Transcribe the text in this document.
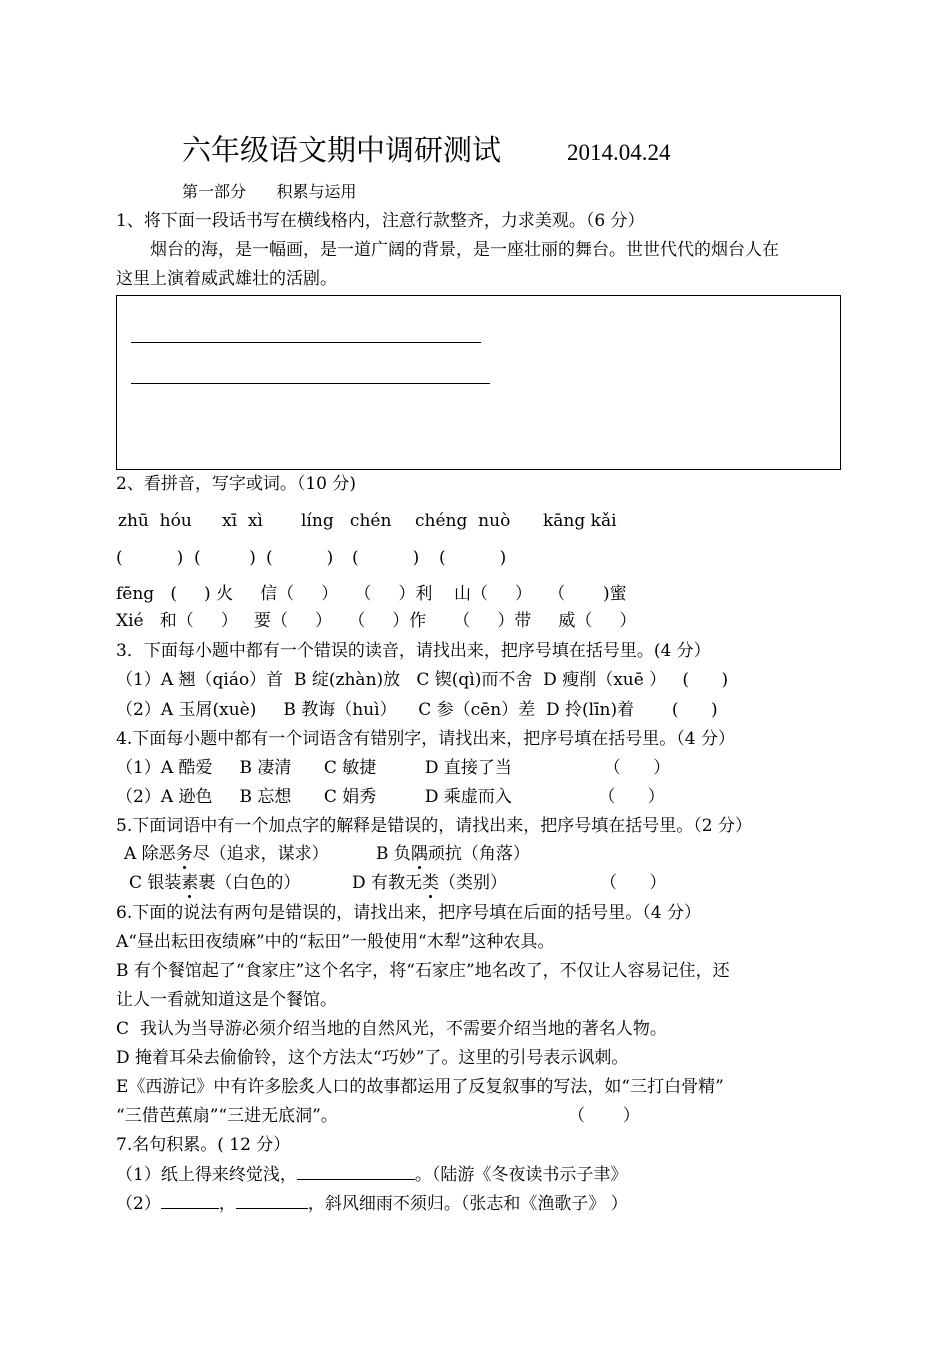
六年级语文期中调研测试	2014.04.24
第一部分      积累与运用
1、将下面一段话书写在横线格内，注意行款整齐，力求美观。（6 分）
烟台的海，是一幅画，是一道广阔的背景，是一座壮丽的舞台。世世代代的烟台人在
这里上演着威武雄壮的活剧。
2、看拼音，写字或词。（10 分)
zhū  hóu xī  xì líng   chén chéng  nuò kāng kǎi
(          ) (         ) (          ) (          ) (          )
fēng   (     ) 火     信（     ）   （     ）利    山（     ）   （       )蜜
Xié   和（     ）   要（     ）   （     ）作     （     ）带     威（     ）
3．下面每小题中都有一个错误的读音，请找出来，把序号填在括号里。(4 分）
（1）A 翘（qiáo）首  B 绽(zhàn)放   C 锲(qì)而不舍  D 瘦削（xuē ）   (      )
（2）A 玉屑(xuè)     B 教诲（huì）    C 参（cēn）差  D 拎(līn)着       (      )
4.下面每小题中都有一个词语含有错别字，请找出来，把序号填在括号里。（4 分）
（1）A 酷爱     B 凄清      C 敏捷         D 直接了当                 （      ）
（2）A 逊色     B 忘想      C 娟秀         D 乘虚而入                （      ）
5.下面词语中有一个加点字的解释是错误的，请找出来，把序号填在括号里。（2 分）
A 除恶务尽（追求，谋求）	B 负隅顽抗（角落）
C 银装素裹（白色的）	D 有教无类（类别）	（      ）
6.下面的说法有两句是错误的，请找出来，把序号填在后面的括号里。（4 分）
A“昼出耘田夜绩麻”中的“耘田”一般使用“木犁”这种农具。
B 有个餐馆起了“食家庄”这个名字，将“石家庄”地名改了，不仅让人容易记住，还
让人一看就知道这是个餐馆。
C  我认为当导游必须介绍当地的自然风光，不需要介绍当地的著名人物。
D 掩着耳朵去偷偷铃，这个方法太“巧妙”了。这里的引号表示讽刺。
E《西游记》中有许多脍炙人口的故事都运用了反复叙事的写法，如“三打白骨精”
“三借芭蕉扇”“三进无底洞”。	（       ）
7.名句积累。( 12 分）
（1）纸上得来终觉浅，	。（陆游《冬夜读书示子聿》
（2）	，	，斜风细雨不须归。（张志和《渔歌子》 ）
